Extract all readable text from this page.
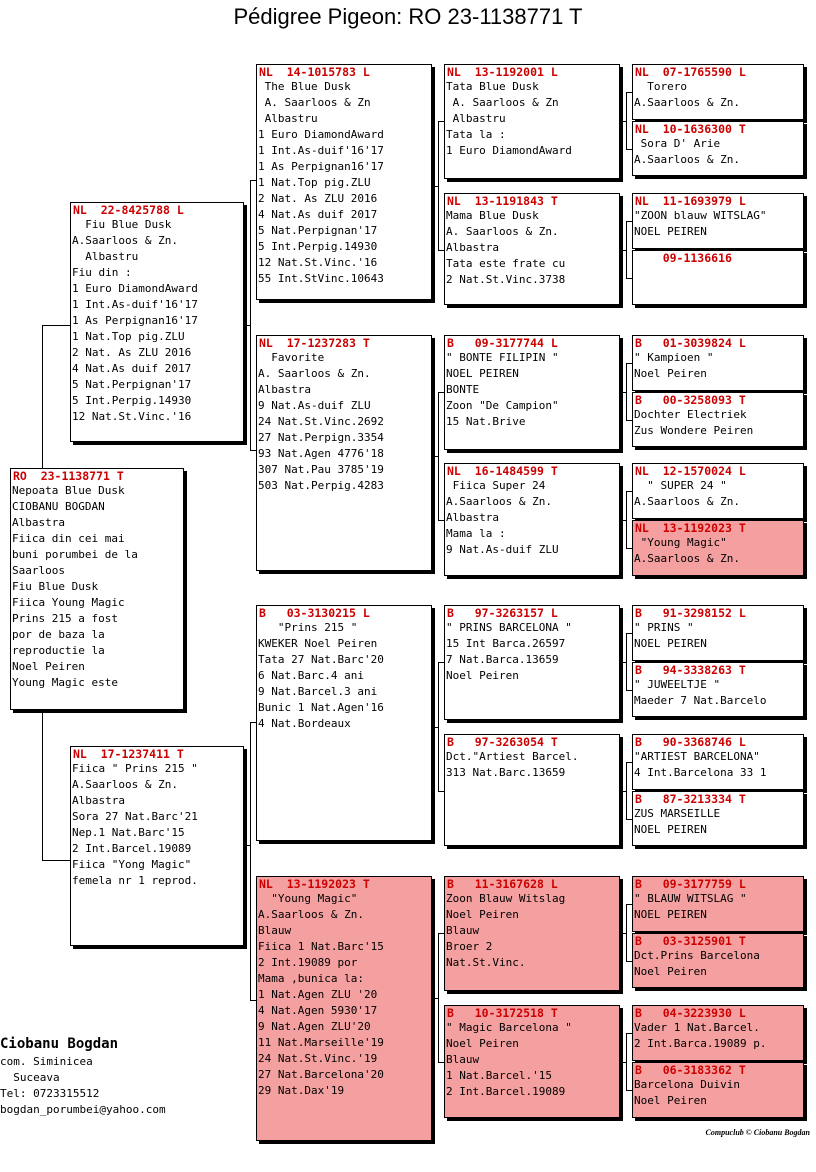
Pédigree Pigeon: RO 23-1138771 T
RO  23-1138771 T
Nepoata Blue Dusk
CIOBANU BOGDAN
Albastra
Fiica din cei mai
buni porumbei de la
Saarloos
Fiu Blue Dusk
Fiica Young Magic
Prins 215 a fost
por de baza la
reproductie la
Noel Peiren
Young Magic este
NL  22-8425788 L
Fiu Blue Dusk
A.Saarloos & Zn.
Albastru
Fiu din :
1 Euro DiamondAward
1 Int.As-duif'16'17
1 As Perpignan16'17
1 Nat.Top pig.ZLU
2 Nat. As ZLU 2016
4 Nat.As duif 2017
5 Nat.Perpignan'17
5 Int.Perpig.14930
12 Nat.St.Vinc.'16
NL  17-1237411 T
Fiica " Prins 215 "
A.Saarloos & Zn.
Albastra
Sora 27 Nat.Barc'21
Nep.1 Nat.Barc'15
2 Int.Barcel.19089
Fiica "Yong Magic"
femela nr 1 reprod.
NL  14-1015783 L
The Blue Dusk
A. Saarloos & Zn
Albastru
1 Euro DiamondAward
1 Int.As-duif'16'17
1 As Perpignan16'17
1 Nat.Top pig.ZLU
2 Nat. As ZLU 2016
4 Nat.As duif 2017
5 Nat.Perpignan'17
5 Int.Perpig.14930
12 Nat.St.Vinc.'16
55 Int.StVinc.10643
NL  17-1237283 T
Favorite
A. Saarloos & Zn.
Albastra
9 Nat.As-duif ZLU
24 Nat.St.Vinc.2692
27 Nat.Perpign.3354
93 Nat.Agen 4776'18
307 Nat.Pau 3785'19
503 Nat.Perpig.4283
B   03-3130215 L
"Prins 215 "
KWEKER Noel Peiren
Tata 27 Nat.Barc'20
6 Nat.Barc.4 ani
9 Nat.Barcel.3 ani
Bunic 1 Nat.Agen'16
4 Nat.Bordeaux
NL  13-1192023 T
"Young Magic"
A.Saarloos & Zn.
Blauw
Fiica 1 Nat.Barc'15
2 Int.19089 por
Mama ,bunica la:
1 Nat.Agen ZLU '20
4 Nat.Agen 5930'17
9 Nat.Agen ZLU'20
11 Nat.Marseille'19
24 Nat.St.Vinc.'19
27 Nat.Barcelona'20
29 Nat.Dax'19
NL  13-1192001 L
Tata Blue Dusk
A. Saarloos & Zn
Albastru
Tata la :
1 Euro DiamondAward
NL  13-1191843 T
Mama Blue Dusk
A. Saarloos & Zn.
Albastra
Tata este frate cu
2 Nat.St.Vinc.3738
B   09-3177744 L
" BONTE FILIPIN "
NOEL PEIREN
BONTE
Zoon "De Campion"
15 Nat.Brive
NL  16-1484599 T
Fiica Super 24
A.Saarloos & Zn.
Albastra
Mama la :
9 Nat.As-duif ZLU
B   97-3263157 L
" PRINS BARCELONA "
15 Int Barca.26597
7 Nat.Barca.13659
Noel Peiren
B   97-3263054 T
Dct."Artiest Barcel.
313 Nat.Barc.13659
B   11-3167628 L
Zoon Blauw Witslag
Noel Peiren
Blauw
Broer 2
Nat.St.Vinc.
B   10-3172518 T
" Magic Barcelona "
Noel Peiren
Blauw
1 Nat.Barcel.'15
2 Int.Barcel.19089
NL  07-1765590 L
Torero
A.Saarloos & Zn.
NL  10-1636300 T
Sora D' Arie
A.Saarloos & Zn.
NL  11-1693979 L
"ZOON blauw WITSLAG"
NOEL PEIREN
09-1136616
B   01-3039824 L
" Kampioen "
Noel Peiren
B   00-3258093 T
Dochter Electriek
Zus Wondere Peiren
NL  12-1570024 L
" SUPER 24 "
A.Saarloos & Zn.
NL  13-1192023 T
"Young Magic"
A.Saarloos & Zn.
B   91-3298152 L
" PRINS "
NOEL PEIREN
B   94-3338263 T
" JUWEELTJE "
Maeder 7 Nat.Barcelo
B   90-3368746 L
"ARTIEST BARCELONA"
4 Int.Barcelona 33 1
B   87-3213334 T
ZUS MARSEILLE
NOEL PEIREN
B   09-3177759 L
" BLAUW WITSLAG "
NOEL PEIREN
B   03-3125901 T
Dct.Prins Barcelona
Noel Peiren
B   04-3223930 L
Vader 1 Nat.Barcel.
2 Int.Barca.19089 p.
B   06-3183362 T
Barcelona Duivin
Noel Peiren
Ciobanu Bogdan
com. Siminicea
Suceava
Tel: 0723315512
bogdan_porumbei@yahoo.com
Compuclub © Ciobanu Bogdan
